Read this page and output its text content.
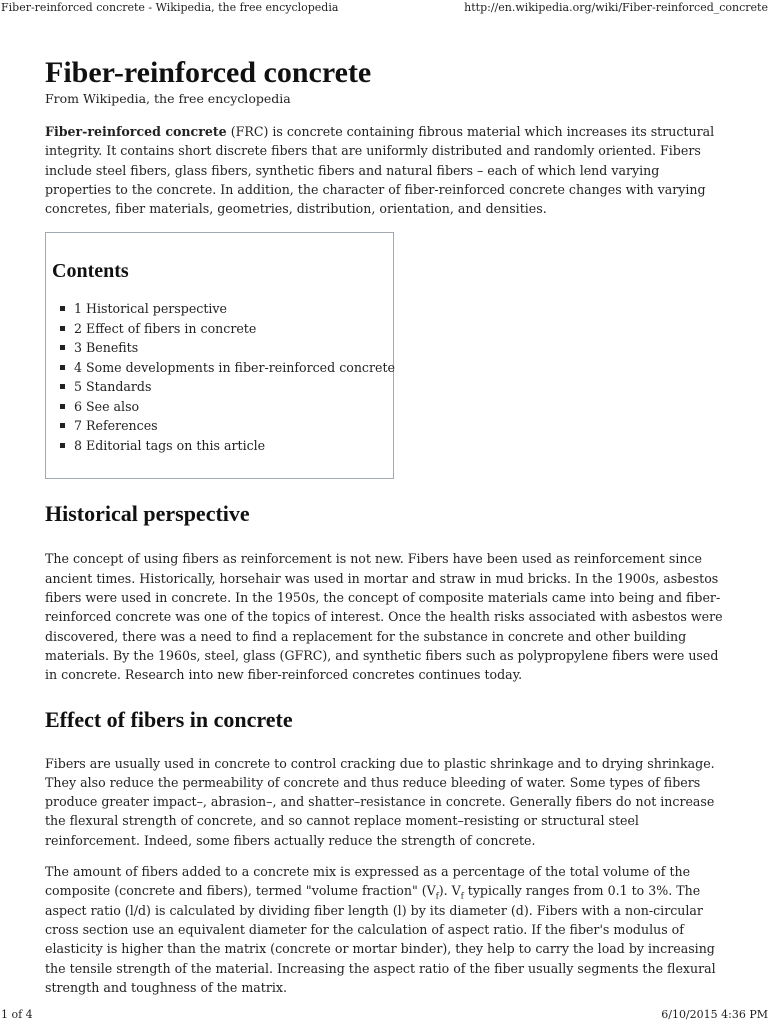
Fiber-reinforced concrete - Wikipedia, the free encyclopedia	http://en.wikipedia.org/wiki/Fiber-reinforced_concrete
Fiber-reinforced concrete
From Wikipedia, the free encyclopedia

Fiber-reinforced concrete (FRC) is concrete containing fibrous material which increases its structural integrity. It contains short discrete fibers that are uniformly distributed and randomly oriented. Fibers include steel fibers, glass fibers, synthetic fibers and natural fibers – each of which lend varying properties to the concrete. In addition, the character of fiber-reinforced concrete changes with varying concretes, fiber materials, geometries, distribution, orientation, and densities.

Contents
1 Historical perspective
2 Effect of fibers in concrete
3 Benefits
4 Some developments in fiber-reinforced concrete
5 Standards
6 See also
7 References
8 Editorial tags on this article
Historical perspective

The concept of using fibers as reinforcement is not new. Fibers have been used as reinforcement since ancient times. Historically, horsehair was used in mortar and straw in mud bricks. In the 1900s, asbestos fibers were used in concrete. In the 1950s, the concept of composite materials came into being and fiber-reinforced concrete was one of the topics of interest. Once the health risks associated with asbestos were discovered, there was a need to find a replacement for the substance in concrete and other building materials. By the 1960s, steel, glass (GFRC), and synthetic fibers such as polypropylene fibers were used in concrete. Research into new fiber-reinforced concretes continues today.

Effect of fibers in concrete

Fibers are usually used in concrete to control cracking due to plastic shrinkage and to drying shrinkage. They also reduce the permeability of concrete and thus reduce bleeding of water. Some types of fibers produce greater impact–, abrasion–, and shatter–resistance in concrete. Generally fibers do not increase the flexural strength of concrete, and so cannot replace moment–resisting or structural steel reinforcement. Indeed, some fibers actually reduce the strength of concrete.

The amount of fibers added to a concrete mix is expressed as a percentage of the total volume of the composite (concrete and fibers), termed "volume fraction" $(V_f)$. $V_f$ typically ranges from 0.1 to 3%. The aspect ratio (l/d) is calculated by dividing fiber length (l) by its diameter (d). Fibers with a non-circular cross section use an equivalent diameter for the calculation of aspect ratio. If the fiber's modulus of elasticity is higher than the matrix (concrete or mortar binder), they help to carry the load by increasing the tensile strength of the material. Increasing the aspect ratio of the fiber usually segments the flexural strength and toughness of the matrix.

1 of 4	6/10/2015 4:36 PM
